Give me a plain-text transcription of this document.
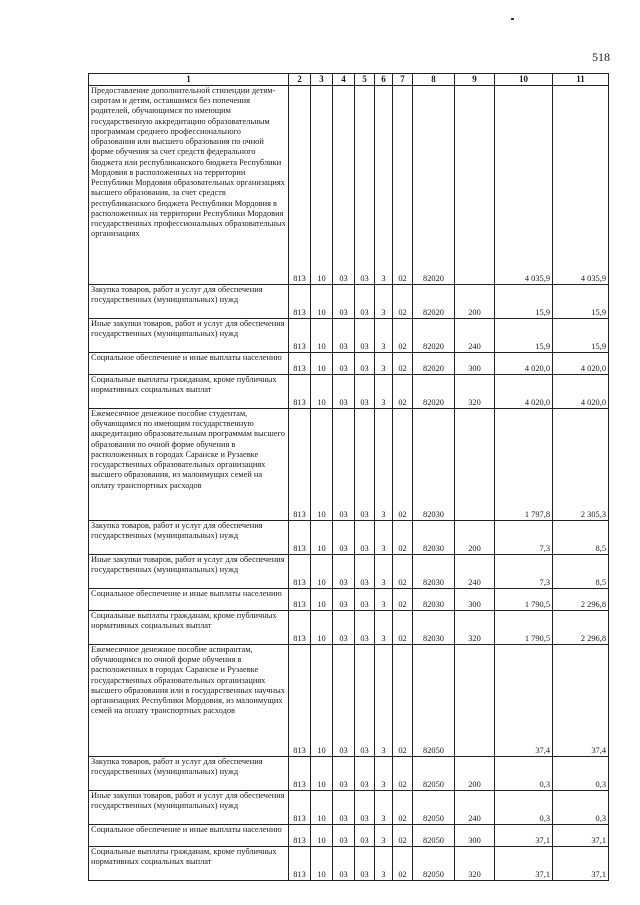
518
1	2	3	4	5	6	7	8	9	10	11
Предоставление дополнительной стипендии детям-сиротам и детям, оставшимся без попечения родителей, обучающимся по имеющим государственную аккредитацию образовательным программам среднего профессионального образования или высшего образования по очной форме обучения за счет средств федерального бюджета или республиканского бюджета Республики Мордовия в расположенных на территории Республики Мордовия образовательных организациях высшего образования, за счет средств республиканского бюджета Республики Мордовия в расположенных на территории Республики Мордовия государственных профессиональных образовательных организациях	813	10	03	03	3	02	82020		4 035,9	4 035,9
Закупка товаров, работ и услуг для обеспечения государственных (муниципальных) нужд	813	10	03	03	3	02	82020	200	15,9	15,9
Иные закупки товаров, работ и услуг для обеспечения государственных (муниципальных) нужд	813	10	03	03	3	02	82020	240	15,9	15,9
Социальное обеспечение и иные выплаты населению	813	10	03	03	3	02	82020	300	4 020,0	4 020,0
Социальные выплаты гражданам, кроме публичных нормативных социальных выплат	813	10	03	03	3	02	82020	320	4 020,0	4 020,0
Ежемесячное денежное пособие студентам, обучающимся по имеющим государственную аккредитацию образовательным программам высшего образования по очной форме обучения в расположенных в городах Саранске и Рузаевке государственных образовательных организациях высшего образования, из малоимущих семей на оплату транспортных расходов	813	10	03	03	3	02	82030		1 797,8	2 305,3
Закупка товаров, работ и услуг для обеспечения государственных (муниципальных) нужд	813	10	03	03	3	02	82030	200	7,3	8,5
Иные закупки товаров, работ и услуг для обеспечения государственных (муниципальных) нужд	813	10	03	03	3	02	82030	240	7,3	8,5
Социальное обеспечение и иные выплаты населению	813	10	03	03	3	02	82030	300	1 790,5	2 296,8
Социальные выплаты гражданам, кроме публичных нормативных социальных выплат	813	10	03	03	3	02	82030	320	1 790,5	2 296,8
Ежемесячное денежное пособие аспирантам, обучающимся по очной форме обучения в расположенных в городах Саранске и Рузаевке государственных образовательных организациях высшего образования или в государственных научных организациях Республики Мордовия, из малоимущих семей на оплату транспортных расходов	813	10	03	03	3	02	82050		37,4	37,4
Закупка товаров, работ и услуг для обеспечения государственных (муниципальных) нужд	813	10	03	03	3	02	82050	200	0,3	0,3
Иные закупки товаров, работ и услуг для обеспечения государственных (муниципальных) нужд	813	10	03	03	3	02	82050	240	0,3	0,3
Социальное обеспечение и иные выплаты населению	813	10	03	03	3	02	82050	300	37,1	37,1
Социальные выплаты гражданам, кроме публичных нормативных социальных выплат	813	10	03	03	3	02	82050	320	37,1	37,1
